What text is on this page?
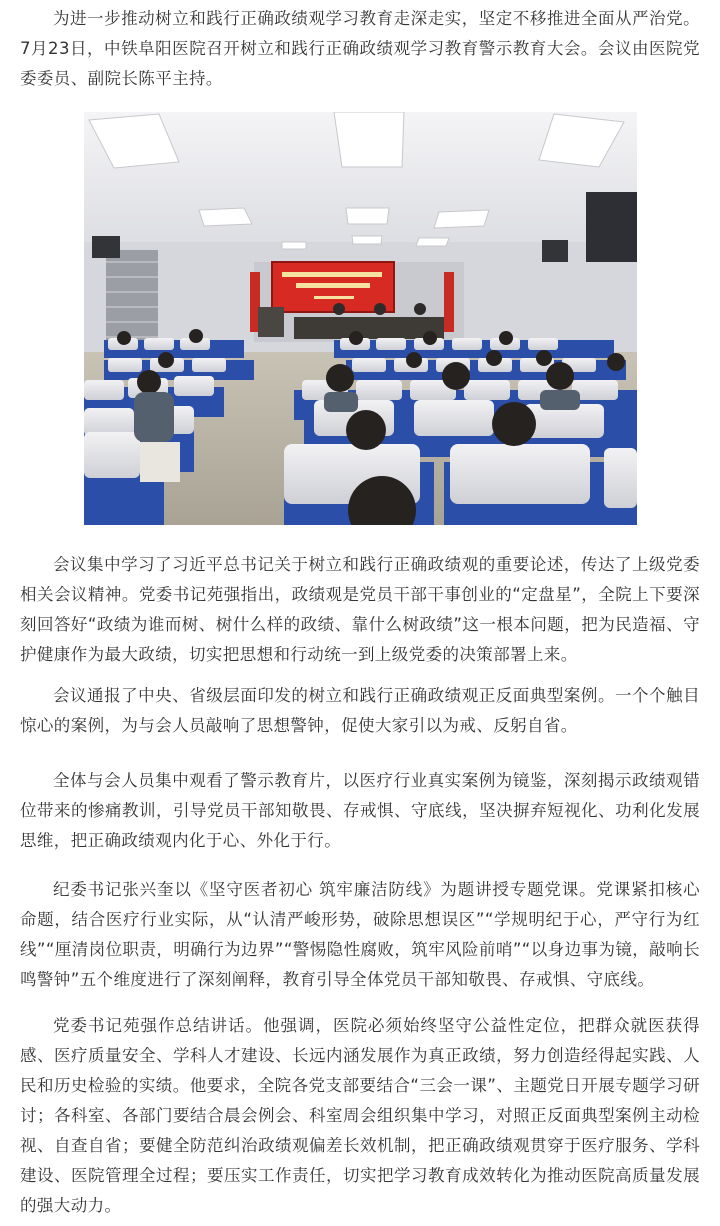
为进一步推动树立和践行正确政绩观学习教育走深走实，坚定不移推进全面从严治党。7月23日，中铁阜阳医院召开树立和践行正确政绩观学习教育警示教育大会。会议由医院党委委员、副院长陈平主持。

会议集中学习了习近平总书记关于树立和践行正确政绩观的重要论述，传达了上级党委相关会议精神。党委书记苑强指出，政绩观是党员干部干事创业的“定盘星”，全院上下要深刻回答好“政绩为谁而树、树什么样的政绩、靠什么树政绩”这一根本问题，把为民造福、守护健康作为最大政绩，切实把思想和行动统一到上级党委的决策部署上来。

会议通报了中央、省级层面印发的树立和践行正确政绩观正反面典型案例。一个个触目惊心的案例，为与会人员敲响了思想警钟，促使大家引以为戒、反躬自省。

全体与会人员集中观看了警示教育片，以医疗行业真实案例为镜鉴，深刻揭示政绩观错位带来的惨痛教训，引导党员干部知敬畏、存戒惧、守底线，坚决摒弃短视化、功利化发展思维，把正确政绩观内化于心、外化于行。

纪委书记张兴奎以《坚守医者初心 筑牢廉洁防线》为题讲授专题党课。党课紧扣核心命题，结合医疗行业实际，从“认清严峻形势，破除思想误区”“学规明纪于心，严守行为红线”“厘清岗位职责，明确行为边界”“警惕隐性腐败，筑牢风险前哨”“以身边事为镜，敲响长鸣警钟”五个维度进行了深刻阐释，教育引导全体党员干部知敬畏、存戒惧、守底线。

党委书记苑强作总结讲话。他强调，医院必须始终坚守公益性定位，把群众就医获得感、医疗质量安全、学科人才建设、长远内涵发展作为真正政绩，努力创造经得起实践、人民和历史检验的实绩。他要求，全院各党支部要结合“三会一课”、主题党日开展专题学习研讨；各科室、各部门要结合晨会例会、科室周会组织集中学习，对照正反面典型案例主动检视、自查自省；要健全防范纠治政绩观偏差长效机制，把正确政绩观贯穿于医疗服务、学科建设、医院管理全过程；要压实工作责任，切实把学习教育成效转化为推动医院高质量发展的强大动力。
